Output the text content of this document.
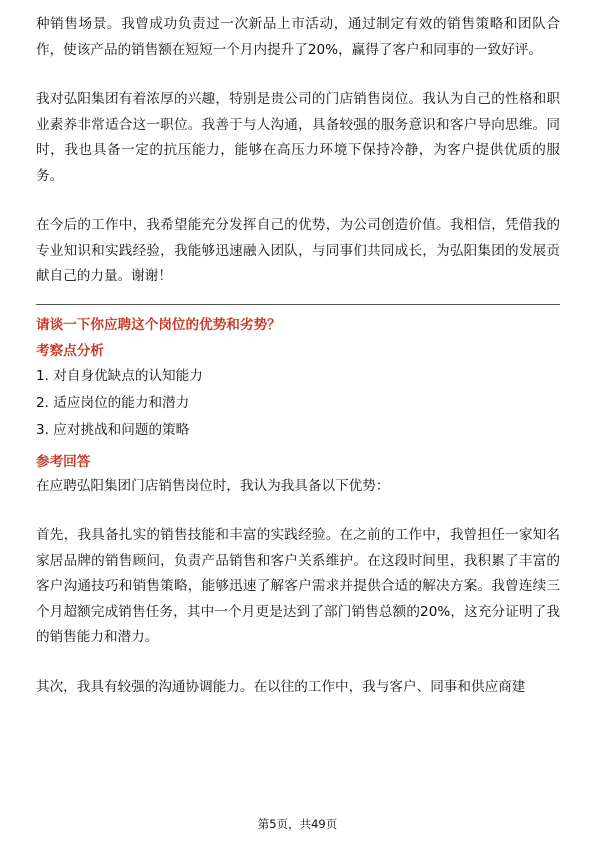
种销售场景。我曾成功负责过一次新品上市活动，通过制定有效的销售策略和团队合作，使该产品的销售额在短短一个月内提升了20%，赢得了客户和同事的一致好评。

我对弘阳集团有着浓厚的兴趣，特别是贵公司的门店销售岗位。我认为自己的性格和职业素养非常适合这一职位。我善于与人沟通，具备较强的服务意识和客户导向思维。同时，我也具备一定的抗压能力，能够在高压力环境下保持冷静，为客户提供优质的服务。

在今后的工作中，我希望能充分发挥自己的优势，为公司创造价值。我相信，凭借我的专业知识和实践经验，我能够迅速融入团队，与同事们共同成长，为弘阳集团的发展贡献自己的力量。谢谢！

请谈一下你应聘这个岗位的优势和劣势？

考察点分析

1. 对自身优缺点的认知能力
2. 适应岗位的能力和潜力
3. 应对挑战和问题的策略

参考回答

在应聘弘阳集团门店销售岗位时，我认为我具备以下优势：

首先，我具备扎实的销售技能和丰富的实践经验。在之前的工作中，我曾担任一家知名家居品牌的销售顾问，负责产品销售和客户关系维护。在这段时间里，我积累了丰富的客户沟通技巧和销售策略，能够迅速了解客户需求并提供合适的解决方案。我曾连续三个月超额完成销售任务，其中一个月更是达到了部门销售总额的20%，这充分证明了我的销售能力和潜力。

其次，我具有较强的沟通协调能力。在以往的工作中，我与客户、同事和供应商建

第5页，共49页
